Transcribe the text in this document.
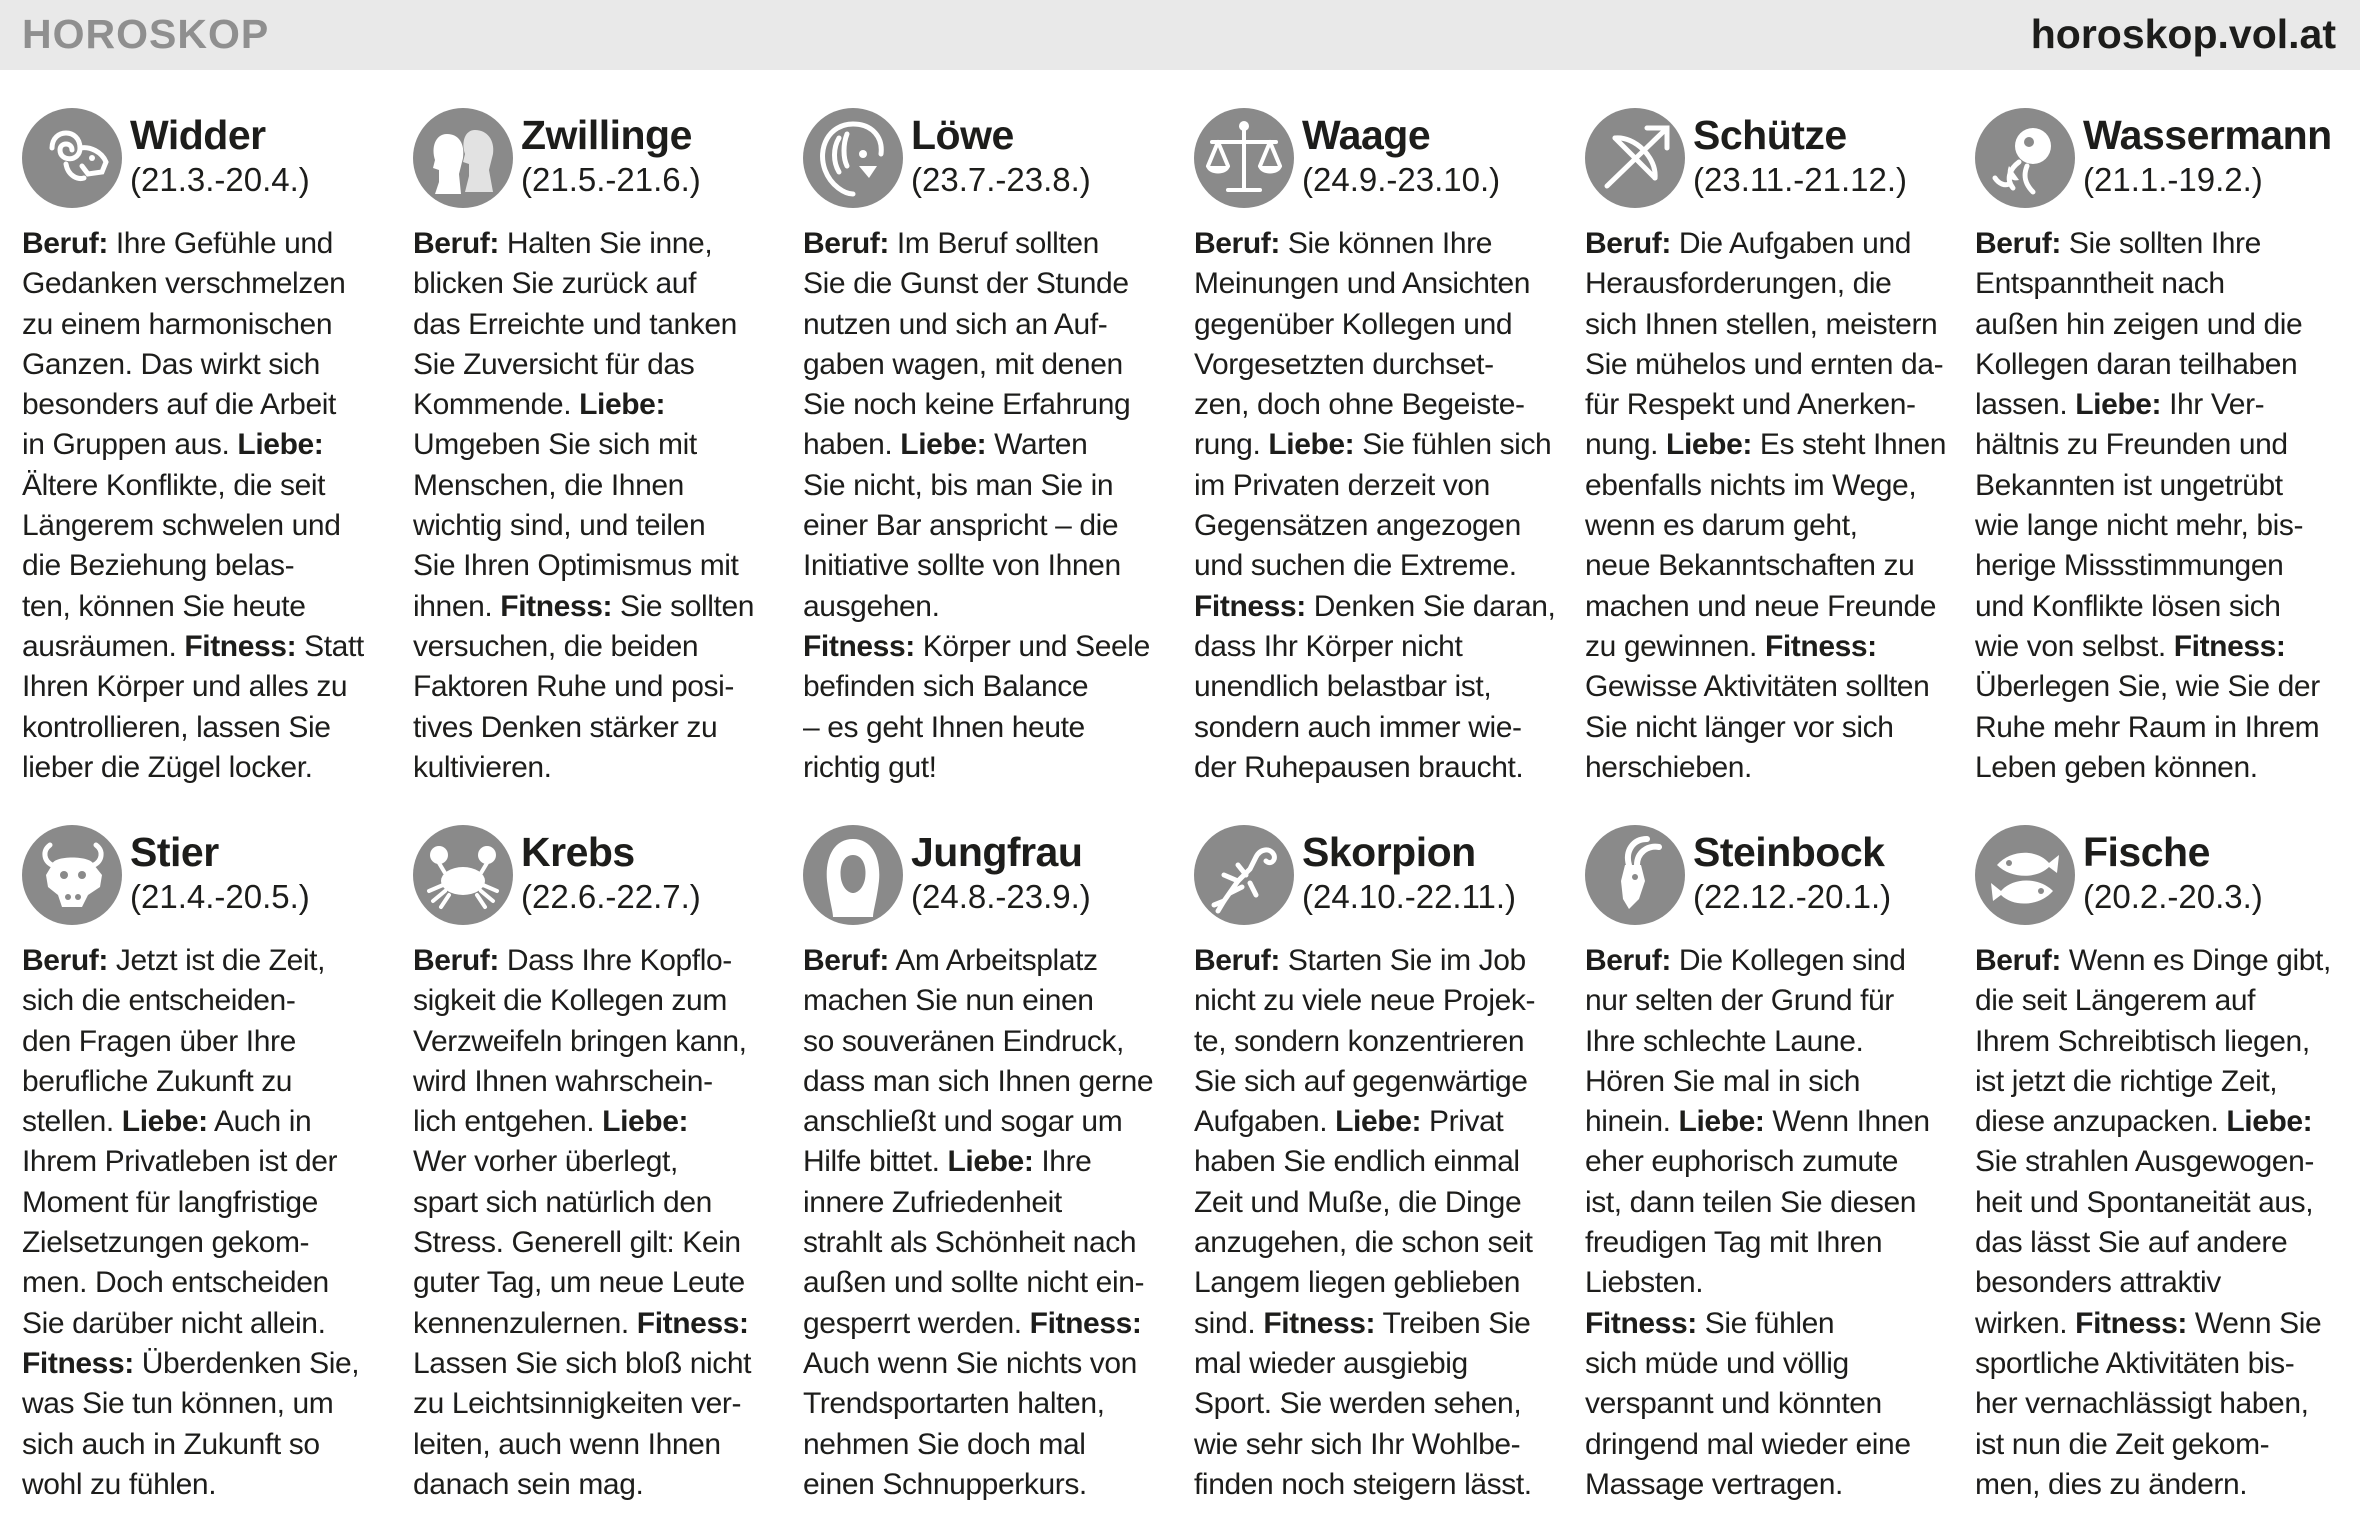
HOROSKOP	horoskop.vol.at
Widder
(21.3.-20.4.)
Beruf: Ihre Gefühle und
Gedanken verschmelzen
zu einem harmonischen
Ganzen. Das wirkt sich
besonders auf die Arbeit
in Gruppen aus. Liebe:
Ältere Konflikte, die seit
Längerem schwelen und
die Beziehung belas-
ten, können Sie heute
ausräumen. Fitness: Statt
Ihren Körper und alles zu
kontrollieren, lassen Sie
lieber die Zügel locker.
Zwillinge
(21.5.-21.6.)
Beruf: Halten Sie inne,
blicken Sie zurück auf
das Erreichte und tanken
Sie Zuversicht für das
Kommende. Liebe:
Umgeben Sie sich mit
Menschen, die Ihnen
wichtig sind, und teilen
Sie Ihren Optimismus mit
ihnen. Fitness: Sie sollten
versuchen, die beiden
Faktoren Ruhe und posi-
tives Denken stärker zu
kultivieren.
Löwe
(23.7.-23.8.)
Beruf: Im Beruf sollten
Sie die Gunst der Stunde
nutzen und sich an Auf-
gaben wagen, mit denen
Sie noch keine Erfahrung
haben. Liebe: Warten
Sie nicht, bis man Sie in
einer Bar anspricht – die
Initiative sollte von Ihnen
ausgehen.
Fitness: Körper und Seele
befinden sich Balance
– es geht Ihnen heute
richtig gut!
Waage
(24.9.-23.10.)
Beruf: Sie können Ihre
Meinungen und Ansichten
gegenüber Kollegen und
Vorgesetzten durchset-
zen, doch ohne Begeiste-
rung. Liebe: Sie fühlen sich
im Privaten derzeit von
Gegensätzen angezogen
und suchen die Extreme.
Fitness: Denken Sie daran,
dass Ihr Körper nicht
unendlich belastbar ist,
sondern auch immer wie-
der Ruhepausen braucht.
Schütze
(23.11.-21.12.)
Beruf: Die Aufgaben und
Herausforderungen, die
sich Ihnen stellen, meistern
Sie mühelos und ernten da-
für Respekt und Anerken-
nung. Liebe: Es steht Ihnen
ebenfalls nichts im Wege,
wenn es darum geht,
neue Bekanntschaften zu
machen und neue Freunde
zu gewinnen. Fitness:
Gewisse Aktivitäten sollten
Sie nicht länger vor sich
herschieben.
Wassermann
(21.1.-19.2.)
Beruf: Sie sollten Ihre
Entspanntheit nach
außen hin zeigen und die
Kollegen daran teilhaben
lassen. Liebe: Ihr Ver-
hältnis zu Freunden und
Bekannten ist ungetrübt
wie lange nicht mehr, bis-
herige Missstimmungen
und Konflikte lösen sich
wie von selbst. Fitness:
Überlegen Sie, wie Sie der
Ruhe mehr Raum in Ihrem
Leben geben können.
Stier
(21.4.-20.5.)
Beruf: Jetzt ist die Zeit,
sich die entscheiden-
den Fragen über Ihre
berufliche Zukunft zu
stellen. Liebe: Auch in
Ihrem Privatleben ist der
Moment für langfristige
Zielsetzungen gekom-
men. Doch entscheiden
Sie darüber nicht allein.
Fitness: Überdenken Sie,
was Sie tun können, um
sich auch in Zukunft so
wohl zu fühlen.
Krebs
(22.6.-22.7.)
Beruf: Dass Ihre Kopflo-
sigkeit die Kollegen zum
Verzweifeln bringen kann,
wird Ihnen wahrschein-
lich entgehen. Liebe:
Wer vorher überlegt,
spart sich natürlich den
Stress. Generell gilt: Kein
guter Tag, um neue Leute
kennenzulernen. Fitness:
Lassen Sie sich bloß nicht
zu Leichtsinnigkeiten ver-
leiten, auch wenn Ihnen
danach sein mag.
Jungfrau
(24.8.-23.9.)
Beruf: Am Arbeitsplatz
machen Sie nun einen
so souveränen Eindruck,
dass man sich Ihnen gerne
anschließt und sogar um
Hilfe bittet. Liebe: Ihre
innere Zufriedenheit
strahlt als Schönheit nach
außen und sollte nicht ein-
gesperrt werden. Fitness:
Auch wenn Sie nichts von
Trendsportarten halten,
nehmen Sie doch mal
einen Schnupperkurs.
Skorpion
(24.10.-22.11.)
Beruf: Starten Sie im Job
nicht zu viele neue Projek-
te, sondern konzentrieren
Sie sich auf gegenwärtige
Aufgaben. Liebe: Privat
haben Sie endlich einmal
Zeit und Muße, die Dinge
anzugehen, die schon seit
Langem liegen geblieben
sind. Fitness: Treiben Sie
mal wieder ausgiebig
Sport. Sie werden sehen,
wie sehr sich Ihr Wohlbe-
finden noch steigern lässt.
Steinbock
(22.12.-20.1.)
Beruf: Die Kollegen sind
nur selten der Grund für
Ihre schlechte Laune.
Hören Sie mal in sich
hinein. Liebe: Wenn Ihnen
eher euphorisch zumute
ist, dann teilen Sie diesen
freudigen Tag mit Ihren
Liebsten.
Fitness: Sie fühlen
sich müde und völlig
verspannt und könnten
dringend mal wieder eine
Massage vertragen.
Fische
(20.2.-20.3.)
Beruf: Wenn es Dinge gibt,
die seit Längerem auf
Ihrem Schreibtisch liegen,
ist jetzt die richtige Zeit,
diese anzupacken. Liebe:
Sie strahlen Ausgewogen-
heit und Spontaneität aus,
das lässt Sie auf andere
besonders attraktiv
wirken. Fitness: Wenn Sie
sportliche Aktivitäten bis-
her vernachlässigt haben,
ist nun die Zeit gekom-
men, dies zu ändern.
